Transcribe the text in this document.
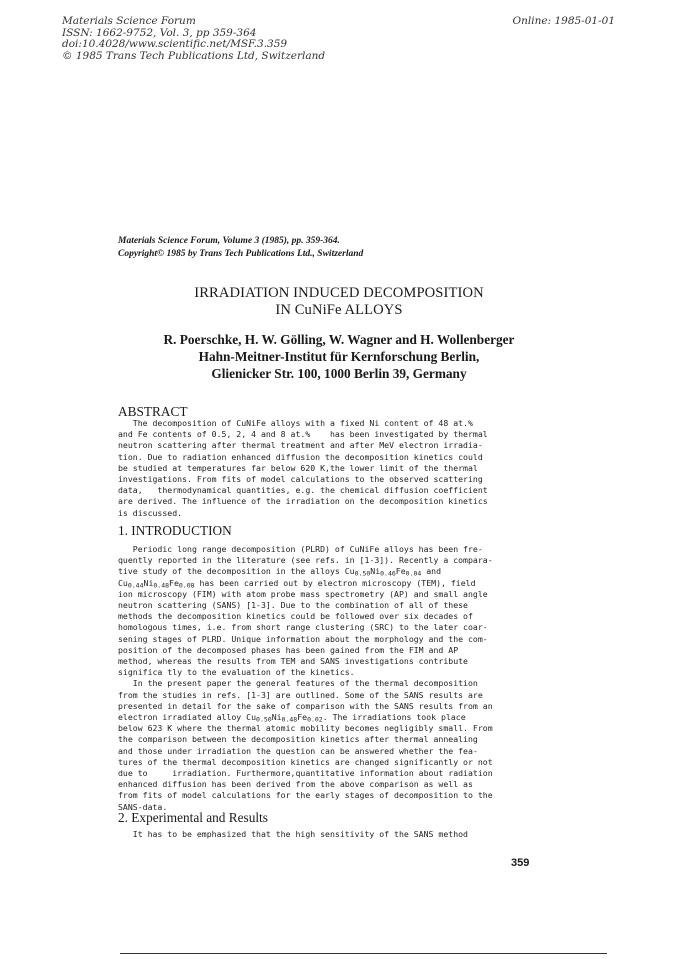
Materials Science Forum
ISSN: 1662-9752, Vol. 3, pp 359-364
doi:10.4028/www.scientific.net/MSF.3.359
© 1985 Trans Tech Publications Ltd, Switzerland
Online: 1985-01-01
Materials Science Forum, Volume 3 (1985), pp. 359-364.
Copyright© 1985 by Trans Tech Publications Ltd., Switzerland
IRRADIATION INDUCED DECOMPOSITION
IN CuNiFe ALLOYS
R. Poerschke, H. W. Gölling, W. Wagner and H. Wollenberger
Hahn-Meitner-Institut für Kernforschung Berlin,
Glienicker Str. 100, 1000 Berlin 39, Germany
ABSTRACT
The decomposition of CuNiFe alloys with a fixed Ni content of 48 at.%
and Fe contents of 0.5, 2, 4 and 8 at.%    has been investigated by thermal
neutron scattering after thermal treatment and after MeV electron irradia-
tion. Due to radiation enhanced diffusion the decomposition kinetics could
be studied at temperatures far below 620 K,the lower limit of the thermal
investigations. From fits of model calculations to the observed scattering
data,   thermodynamical quantities, e.g. the chemical diffusion coefficient
are derived. The influence of the irradiation on the decomposition kinetics
is discussed.
1. INTRODUCTION
Periodic long range decomposition (PLRD) of CuNiFe alloys has been fre-
quently reported in the literature (see refs. in [1-3]). Recently a compara-
tive study of the decomposition in the alloys $Cu_{0.50}Ni_{0.46}Fe_{0.04}$ and
$Cu_{0.44}Ni_{0.48}Fe_{0.08}$ has been carried out by electron microscopy (TEM), field
ion microscopy (FIM) with atom probe mass spectrometry (AP) and small angle
neutron scattering (SANS) [1-3]. Due to the combination of all of these
methods the decomposition kinetics could be followed over six decades of
homologous times, i.e. from short range clustering (SRC) to the later coar-
sening stages of PLRD. Unique information about the morphology and the com-
position of the decomposed phases has been gained from the FIM and AP
method, whereas the results from TEM and SANS investigations contribute
significa tly to the evaluation of the kinetics.
In the present paper the general features of the thermal decomposition
from the studies in refs. [1-3] are outlined. Some of the SANS results are
presented in detail for the sake of comparison with the SANS results from an
electron irradiated alloy $Cu_{0.50}Ni_{0.48}Fe_{0.02}$. The irradiations took place
below 623 K where the thermal atomic mobility becomes negligibly small. From
the comparison between the decomposition kinetics after thermal annealing
and those under irradiation the question can be answered whether the fea-
tures of the thermal decomposition kinetics are changed significantly or not
due to     irradiation. Furthermore,quantitative information about radiation
enhanced diffusion has been derived from the above comparison as well as
from fits of model calculations for the early stages of decomposition to the
SANS-data.
2. Experimental and Results
It has to be emphasized that the high sensitivity of the SANS method
359
